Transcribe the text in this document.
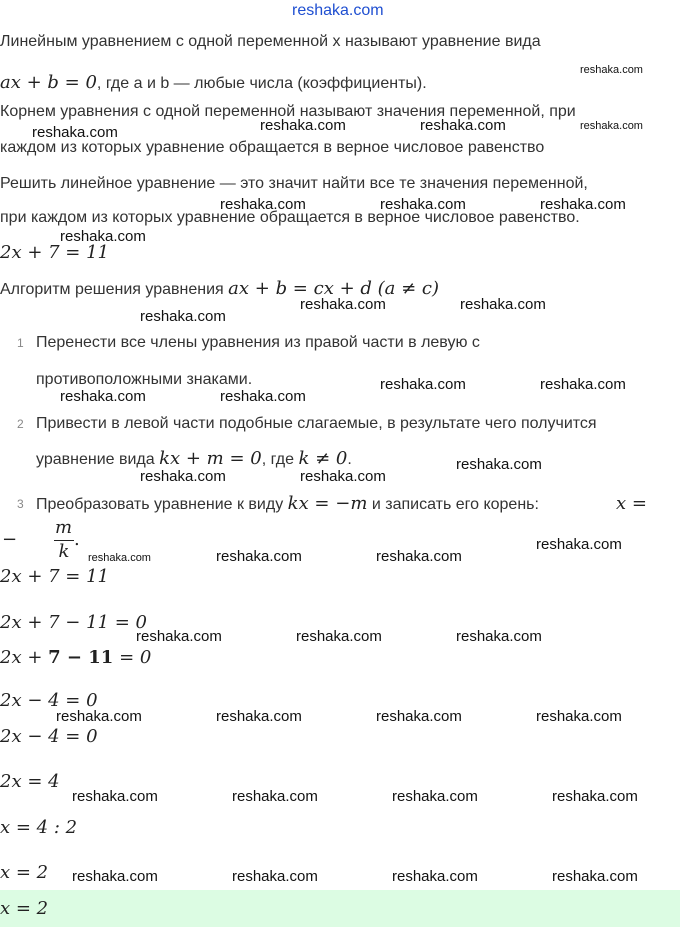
reshaka.com
Линейным уравнением с одной переменной x называют уравнение вида
ax + b = 0, где a и b — любые числа (коэффициенты).
Корнем уравнения с одной переменной называют значения переменной, при
каждом из которых уравнение обращается в верное числовое равенство
Решить линейное уравнение — это значит найти все те значения переменной,
при каждом из которых уравнение обращается в верное числовое равенство.
2x + 7 = 11
Алгоритм решения уравнения ax + b = cx + d (a ≠ c)
1 Перенести все члены уравнения из правой части в левую с
противоположными знаками.
2 Привести в левой части подобные слагаемые, в результате чего получится
уравнение вида kx + m = 0, где k ≠ 0.
3 Преобразовать уравнение к виду kx = −m и записать его корень:	x =
−
m
k
.
2x + 7 = 11
2x + 7 − 11 = 0
2x + 7 − 11 = 0
2x − 4 = 0
2x − 4 = 0
2x = 4
x = 4 : 2
x = 2
x = 2
reshaka.com
reshaka.com	reshaka.com	reshaka.com	reshaka.com
reshaka.com	reshaka.com	reshaka.com
reshaka.com
reshaka.com	reshaka.com
reshaka.com
reshaka.com	reshaka.com
reshaka.com	reshaka.com
reshaka.com
reshaka.com	reshaka.com
reshaka.com
reshaka.com	reshaka.com	reshaka.com
reshaka.com	reshaka.com	reshaka.com
reshaka.com	reshaka.com	reshaka.com	reshaka.com
reshaka.com	reshaka.com	reshaka.com	reshaka.com
reshaka.com	reshaka.com	reshaka.com	reshaka.com
